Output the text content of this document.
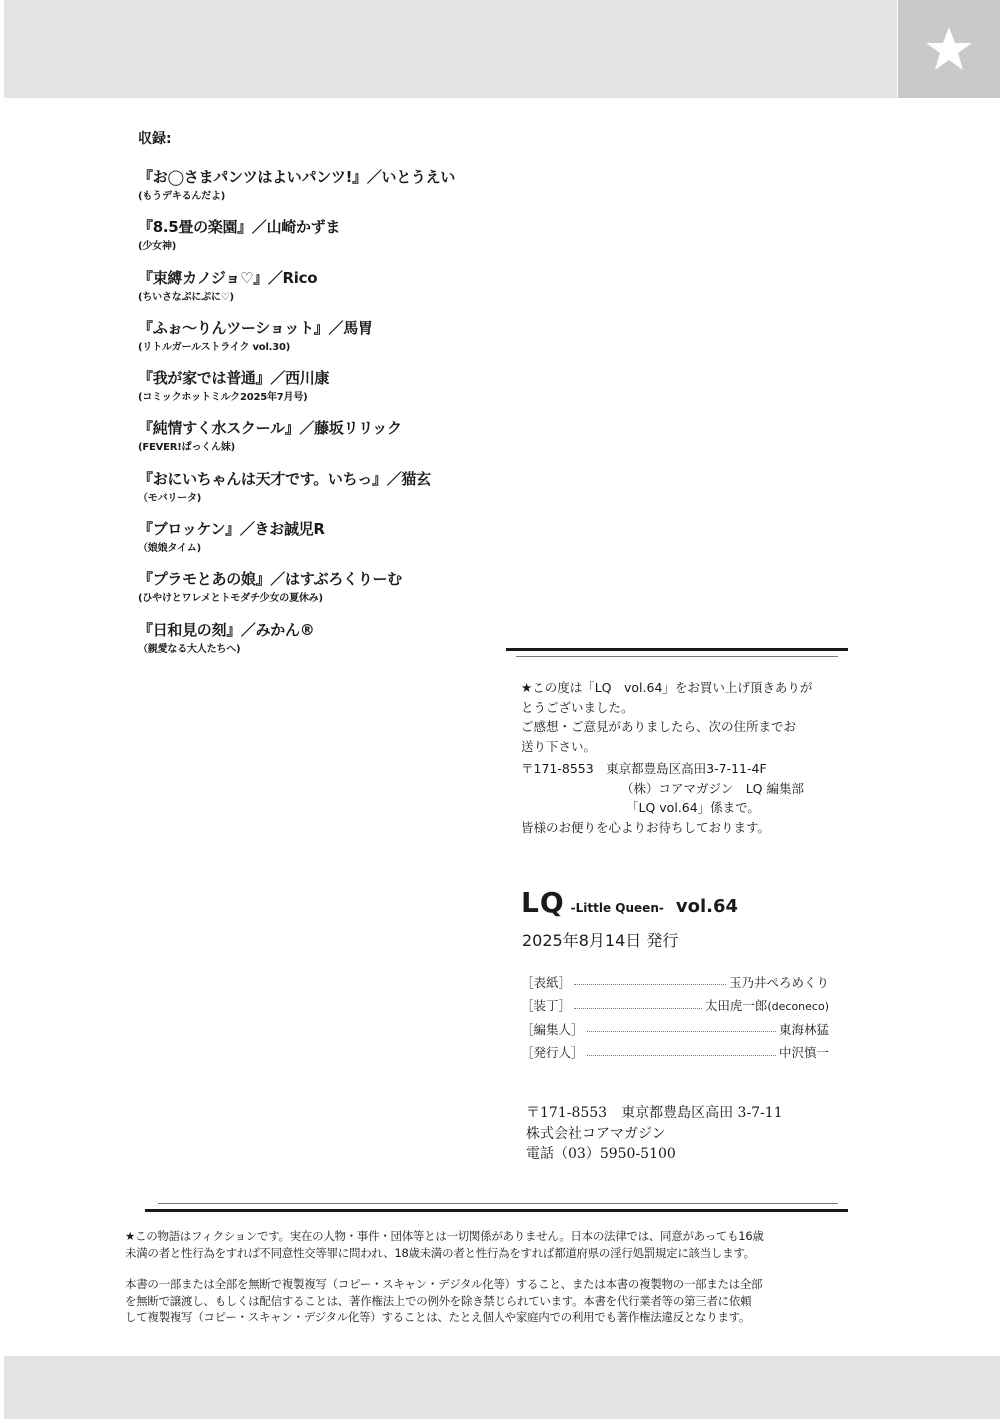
収録:
『お◯さまパンツはよいパンツ!』／いとうえい
(もうデキるんだよ)
『8.5畳の楽園』／山崎かずま
(少女神)
『束縛カノジョ♡』／Rico
(ちいさなぷにぷに♡)
『ふぉ～りんツーショット』／馬胃
(リトルガールストライク vol.30)
『我が家では普通』／西川康
(コミックホットミルク2025年7月号)
『純情すく水スクール』／藤坂リリック
(FEVER!ぱっくん妹)
『おにいちゃんは天才です。いちっ』／猫玄
（モバリータ)
『ブロッケン』／きお誠児R
（娘娘タイム)
『プラモとあの娘』／はすぶろくりーむ
(ひやけとワレメとトモダチ少女の夏休み)
『日和見の刻』／みかん®
（親愛なる大人たちへ)

★この度は「LQ　vol.64」をお買い上げ頂きありが

とうございました。

ご感想・ご意見がありましたら、次の住所までお

送り下さい。

〒171-8553　東京都豊島区高田3-7-11-4F

（株）コアマガジン　LQ 編集部

「LQ vol.64」係まで。

皆様のお便りを心よりお待ちしております。

LQ -Little Queen- vol.64
2025年8月14日 発行
［表紙］	玉乃井ぺろめくり
［装丁］	太田虎一郎(deconeco)
［編集人］	東海林猛
［発行人］	中沢慎一

〒171-8553　東京都豊島区高田 3-7-11

株式会社コアマガジン

電話（03）5950-5100

★この物語はフィクションです。実在の人物・事件・団体等とは一切関係がありません。日本の法律では、同意があっても16歳

未満の者と性行為をすれば不同意性交等罪に問われ、18歳未満の者と性行為をすれば都道府県の淫行処罰規定に該当します。

本書の一部または全部を無断で複製複写（コピー・スキャン・デジタル化等）すること、または本書の複製物の一部または全部

を無断で譲渡し、もしくは配信することは、著作権法上での例外を除き禁じられています。本書を代行業者等の第三者に依頼

して複製複写（コピー・スキャン・デジタル化等）することは、たとえ個人や家庭内での利用でも著作権法違反となります。
